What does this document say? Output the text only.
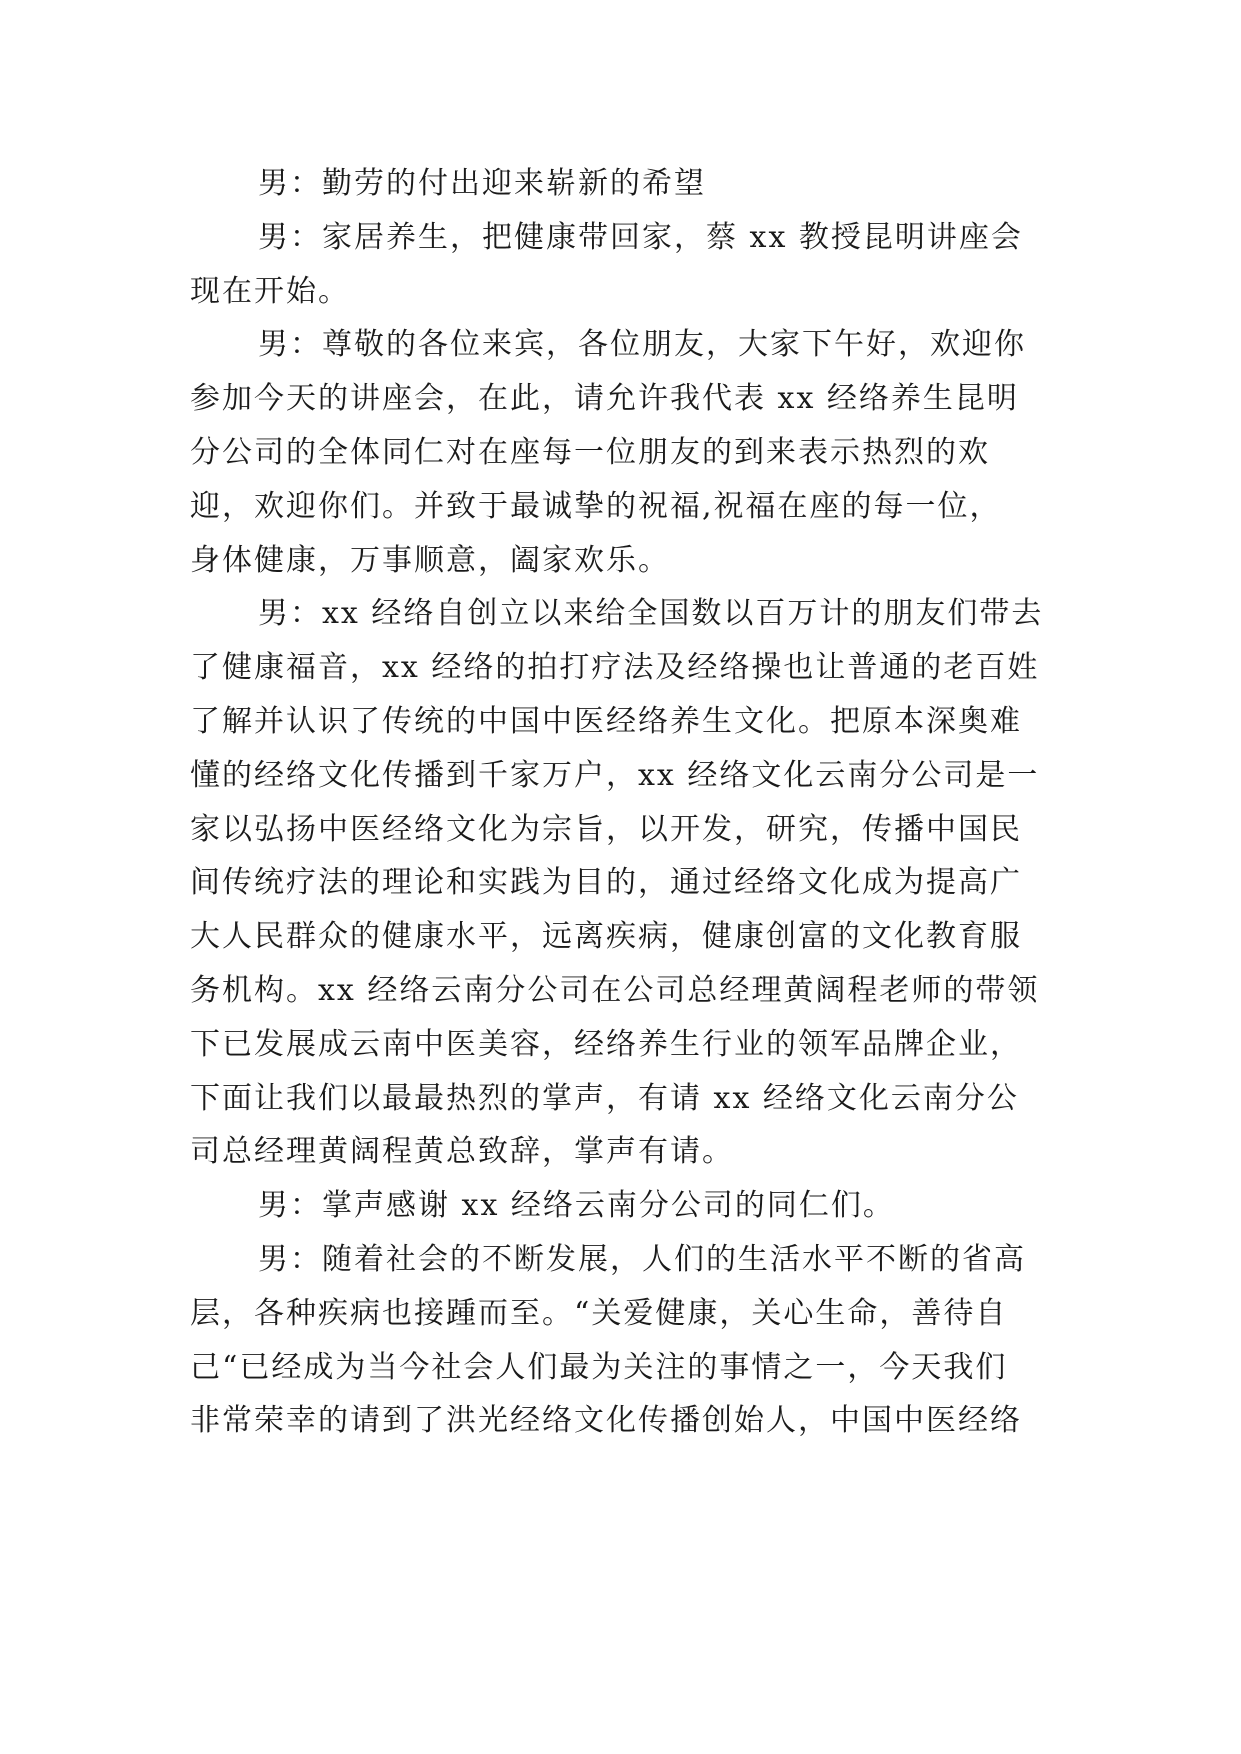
男：勤劳的付出迎来崭新的希望
男：家居养生，把健康带回家，蔡 xx 教授昆明讲座会
现在开始。
男：尊敬的各位来宾，各位朋友，大家下午好，欢迎你
参加今天的讲座会，在此，请允许我代表 xx 经络养生昆明
分公司的全体同仁对在座每一位朋友的到来表示热烈的欢
迎，欢迎你们。并致于最诚挚的祝福,祝福在座的每一位，
身体健康，万事顺意，阖家欢乐。
男：xx 经络自创立以来给全国数以百万计的朋友们带去
了健康福音，xx 经络的拍打疗法及经络操也让普通的老百姓
了解并认识了传统的中国中医经络养生文化。把原本深奥难
懂的经络文化传播到千家万户，xx 经络文化云南分公司是一
家以弘扬中医经络文化为宗旨，以开发，研究，传播中国民
间传统疗法的理论和实践为目的，通过经络文化成为提高广
大人民群众的健康水平，远离疾病，健康创富的文化教育服
务机构。xx 经络云南分公司在公司总经理黄阔程老师的带领
下已发展成云南中医美容，经络养生行业的领军品牌企业，
下面让我们以最最热烈的掌声，有请 xx 经络文化云南分公
司总经理黄阔程黄总致辞，掌声有请。
男：掌声感谢 xx 经络云南分公司的同仁们。
男：随着社会的不断发展，人们的生活水平不断的省高
层，各种疾病也接踵而至。“关爱健康，关心生命，善待自
己“已经成为当今社会人们最为关注的事情之一，今天我们
非常荣幸的请到了洪光经络文化传播创始人，中国中医经络
